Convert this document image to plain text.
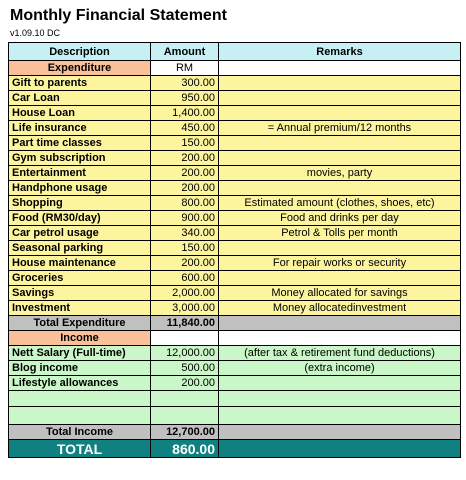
Monthly Financial Statement
v1.09.10 DC
Description	Amount	Remarks
Expenditure	RM	
Gift to parents	300.00	
Car Loan	950.00	
House Loan	1,400.00	
Life insurance	450.00	= Annual premium/12 months
Part time classes	150.00	
Gym subscription	200.00	
Entertainment	200.00	movies, party
Handphone usage	200.00	
Shopping	800.00	Estimated amount (clothes, shoes, etc)
Food (RM30/day)	900.00	Food and drinks per day
Car petrol usage	340.00	Petrol & Tolls per month
Seasonal parking	150.00	
House maintenance	200.00	For repair works or security
Groceries	600.00	
Savings	2,000.00	Money allocated for savings
Investment	3,000.00	Money allocatedinvestment
Total Expenditure	11,840.00	
Income		
Nett Salary (Full-time)	12,000.00	(after tax & retirement fund deductions)
Blog income	500.00	(extra income)
Lifestyle allowances	200.00	

Total Income	12,700.00	
TOTAL	860.00	
